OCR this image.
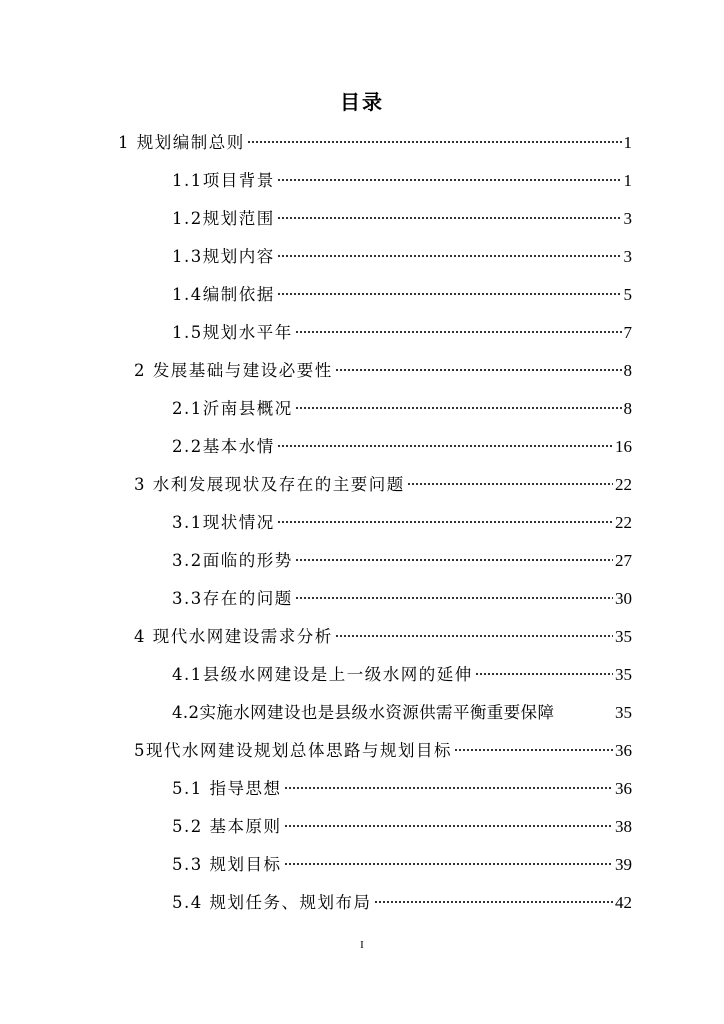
目录
1 规划编制总则	1
1.1项目背景	1
1.2规划范围	3
1.3规划内容	3
1.4编制依据	5
1.5规划水平年	7
2 发展基础与建设必要性	8
2.1沂南县概况	8
2.2基本水情	16
3 水利发展现状及存在的主要问题	22
3.1现状情况	22
3.2面临的形势	27
3.3存在的问题	30
4 现代水网建设需求分析	35
4.1县级水网建设是上一级水网的延伸	35
4.2实施水网建设也是县级水资源供需平衡重要保障	35
5现代水网建设规划总体思路与规划目标	36
5.1 指导思想	36
5.2 基本原则	38
5.3 规划目标	39
5.4 规划任务、规划布局	42
I
